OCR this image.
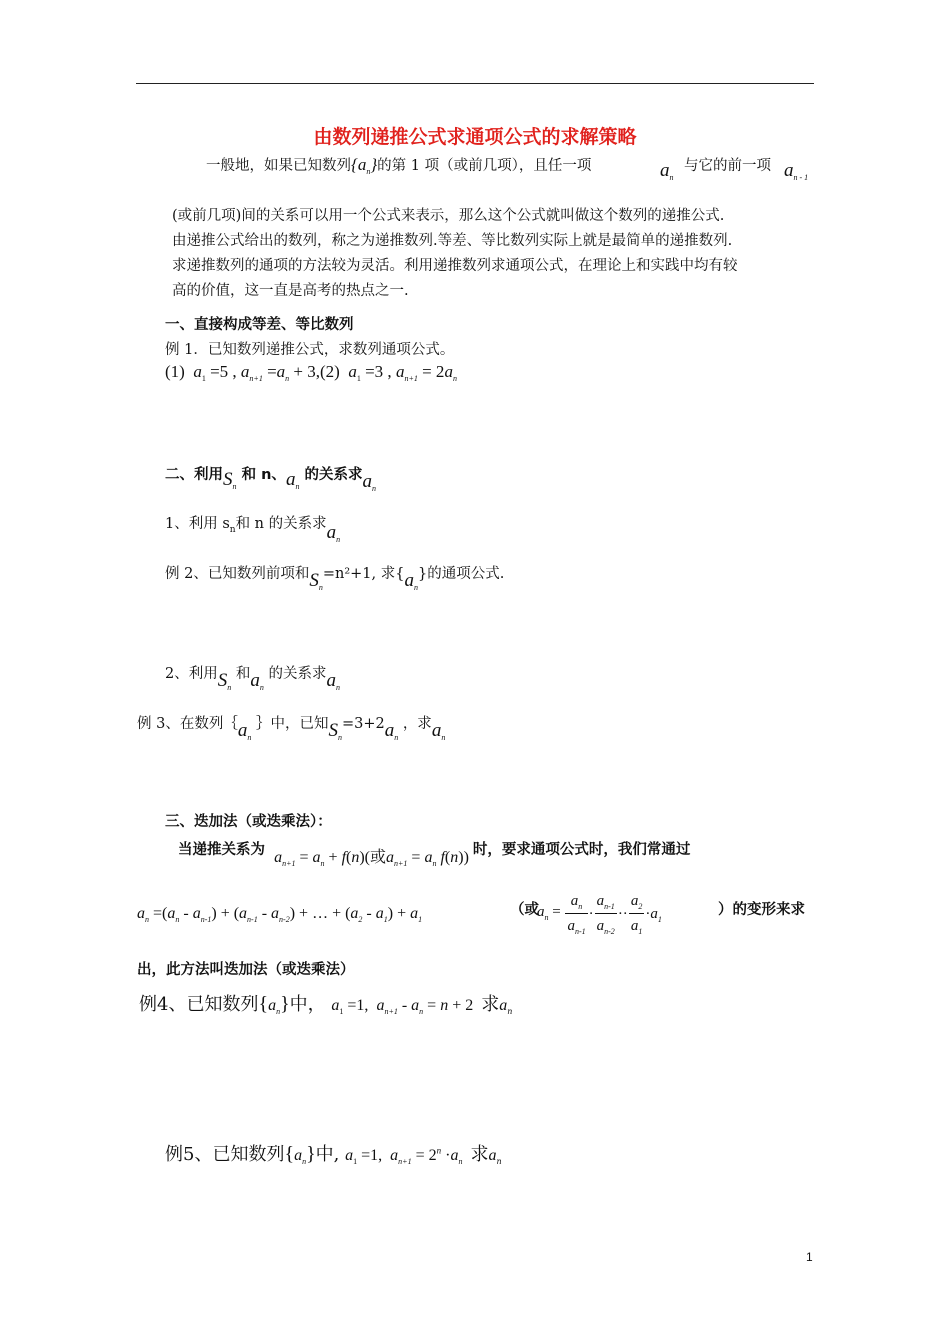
由数列递推公式求通项公式的求解策略
一般地，如果已知数列$\{a_n\}$的第 1 项（或前几项），且任一项	$a_n$
与它的前一项 $a_{n - 1}$
(或前几项)间的关系可以用一个公式来表示，那么这个公式就叫做这个数列的递推公式.
由递推公式给出的数列，称之为递推数列.等差、等比数列实际上就是最简单的递推数列.
求递推数列的通项的方法较为灵活。利用递推数列求通项公式，在理论上和实践中均有较
高的价值，这一直是高考的热点之一.
一、直接构成等差、等比数列
例 1．已知数列递推公式，求数列通项公式。
(1) $a_1 =5$ , $a_{n+1} =a_n + 3,(2)$ $a_1 =3$ , $a_{n+1} = 2a_n$
二、利用$S_n$ 和 n、$a_n$ 的关系求$a_n$
1、利用 $s_n$和 n 的关系求$a_n$
例 2、已知数列前项和$S_n=n^2+1$, 求$\{a_n\}$的通项公式.
2、利用$S_n$ 和$a_n$ 的关系求$a_n$
例 3、在数列$\{a_n$ ｝中，已知$S_n=3+2a_n$ ，求$a_n$
三、迭加法（或迭乘法）：
当递推关系为 $a_{n+1} = a_n + f(n)$(或$a_{n+1} = a_n$ f(n)) 时，要求通项公式时，我们常通过
$a_n =(a_n - a_{n-1}) + (a_{n-1} - a_{n-2})$ + … + $(a_2 - a_1) + a_1$
（或
$a_n = \frac{a_n}{a_{n-1}} \cdot \frac{a_{n-1}}{a_{n-2}} \cdot\cdot \frac{a_2}{a_1} \cdot a_1$
）的变形来求
出，此方法叫迭加法（或迭乘法）
例4、已知数列$\{a_n\}$中， $a_1 =1$,  $a_{n+1} - a_n = n + 2$  求$a_n$
例5、已知数列$\{a_n\}$中, $a_1 =1$,  $a_{n+1} = 2^n \cdot a_n$ 求$a_n$
1
